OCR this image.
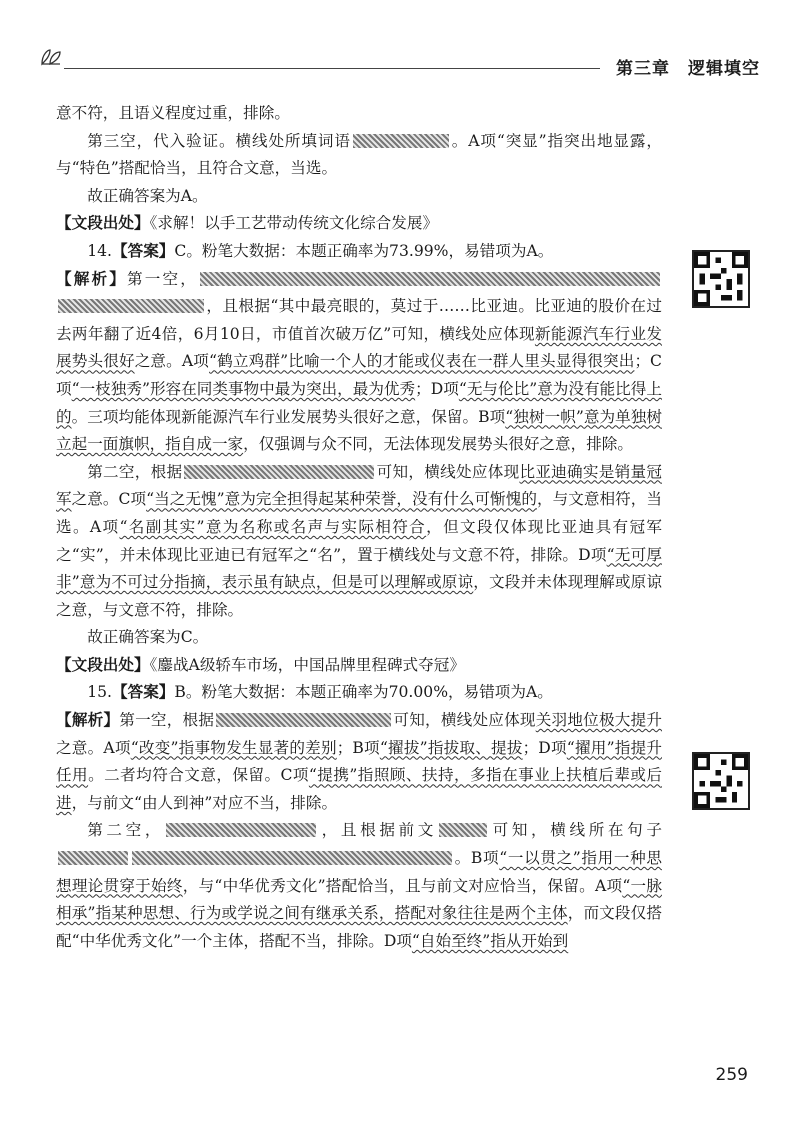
第三章　逻辑填空

意不符，且语义程度过重，排除。

第三空，代入验证。横线处所填词语	。A项“突显”指突出地显露，与“特色”搭配恰当，且符合文意，当选。

故正确答案为A。

【文段出处】《求解！以手工艺带动传统文化综合发展》

14.【答案】C。粉笔大数据：本题正确率为73.99%，易错项为A。

【解析】第一空，，且根据“其中最亮眼的，莫过于……比亚迪。比亚迪的股价在过去两年翻了近4倍，6月10日，市值首次破万亿”可知，横线处应体现新能源汽车行业发展势头很好之意。A项“鹤立鸡群”比喻一个人的才能或仪表在一群人里头显得很突出；C项“一枝独秀”形容在同类事物中最为突出，最为优秀；D项“无与伦比”意为没有能比得上的。三项均能体现新能源汽车行业发展势头很好之意，保留。B项“独树一帜”意为单独树立起一面旗帜，指自成一家，仅强调与众不同，无法体现发展势头很好之意，排除。

第二空，根据	可知，横线处应体现比亚迪确实是销量冠军之意。C项“当之无愧”意为完全担得起某种荣誉，没有什么可惭愧的，与文意相符，当选。A项“名副其实”意为名称或名声与实际相符合，但文段仅体现比亚迪具有冠军之“实”，并未体现比亚迪已有冠军之“名”，置于横线处与文意不符，排除。D项“无可厚非”意为不可过分指摘，表示虽有缺点，但是可以理解或原谅，文段并未体现理解或原谅之意，与文意不符，排除。

故正确答案为C。

【文段出处】《鏖战A级轿车市场，中国品牌里程碑式夺冠》

15.【答案】B。粉笔大数据：本题正确率为70.00%，易错项为A。

【解析】第一空，根据	可知，横线处应体现关羽地位极大提升之意。A项“改变”指事物发生显著的差别；B项“擢拔”指拔取、提拔；D项“擢用”指提升任用。二者均符合文意，保留。C项“提携”指照顾、扶持，多指在事业上扶植后辈或后进，与前文“由人到神”对应不当，排除。

第二空，	，且根据前文	可知，横线所在句子。B项“一以贯之”指用一种思想理论贯穿于始终，与“中华优秀文化”搭配恰当，且与前文对应恰当，保留。A项“一脉相承”指某种思想、行为或学说之间有继承关系，搭配对象往往是两个主体，而文段仅搭配“中华优秀文化”一个主体，搭配不当，排除。D项“自始至终”指从开始到

259
